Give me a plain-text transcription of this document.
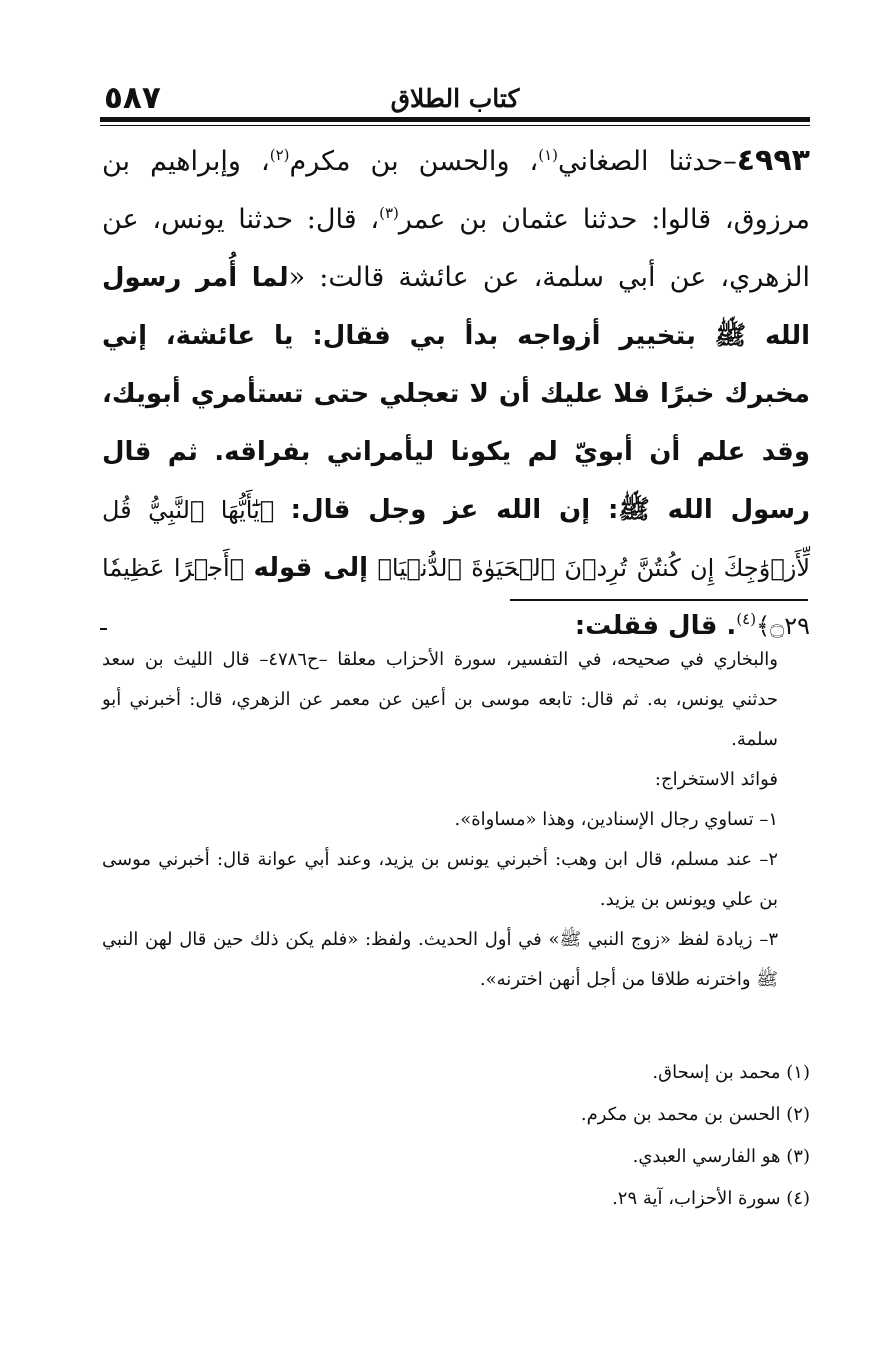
٥٨٧	كتاب الطلاق
٤٩٩٣–حدثنا الصغاني$^{(١)}$، والحسن بن مكرم$^{(٢)}$، وإبراهيم بن مرزوق، قالوا: حدثنا عثمان بن عمر$^{(٣)}$، قال: حدثنا يونس، عن الزهري، عن أبي سلمة، عن عائشة قالت: «لما أُمر رسول الله ﷺ بتخيير أزواجه بدأ بي فقال: يا عائشة، إني مخبرك خبرًا فلا عليك أن لا تعجلي حتى تستأمري أبويك، وقد علم أن أبويّ لم يكونا ليأمراني بفراقه. ثم قال رسول الله ﷺ: إن الله عز وجل قال: ﴿يَٰٓأَيُّهَا ٱلنَّبِيُّ قُل لِّأَزۡوَٰجِكَ إِن كُنتُنَّ تُرِدۡنَ ٱلۡحَيَوٰةَ ٱلدُّنۡيَا﴾ إلى قوله ﴿أَجۡرًا عَظِيمٗا ۝٢٩﴾$^{(٤)}$. قال فقلت:

والبخاري في صحيحه، في التفسير، سورة الأحزاب معلقا –ح٤٧٨٦– قال الليث بن سعد حدثني يونس، به. ثم قال: تابعه موسى بن أعين عن معمر عن الزهري، قال: أخبرني أبو سلمة.

فوائد الاستخراج:

١– تساوي رجال الإسنادين، وهذا «مساواة».

٢– عند مسلم، قال ابن وهب: أخبرني يونس بن يزيد، وعند أبي عوانة قال: أخبرني موسى بن علي ويونس بن يزيد.

٣– زيادة لفظ «زوج النبي ﷺ» في أول الحديث. ولفظ: «فلم يكن ذلك حين قال لهن النبي ﷺ واخترنه طلاقا من أجل أنهن اخترنه».

(١) محمد بن إسحاق.

(٢) الحسن بن محمد بن مكرم.

(٣) هو الفارسي العبدي.

(٤) سورة الأحزاب، آية ٢٩.
